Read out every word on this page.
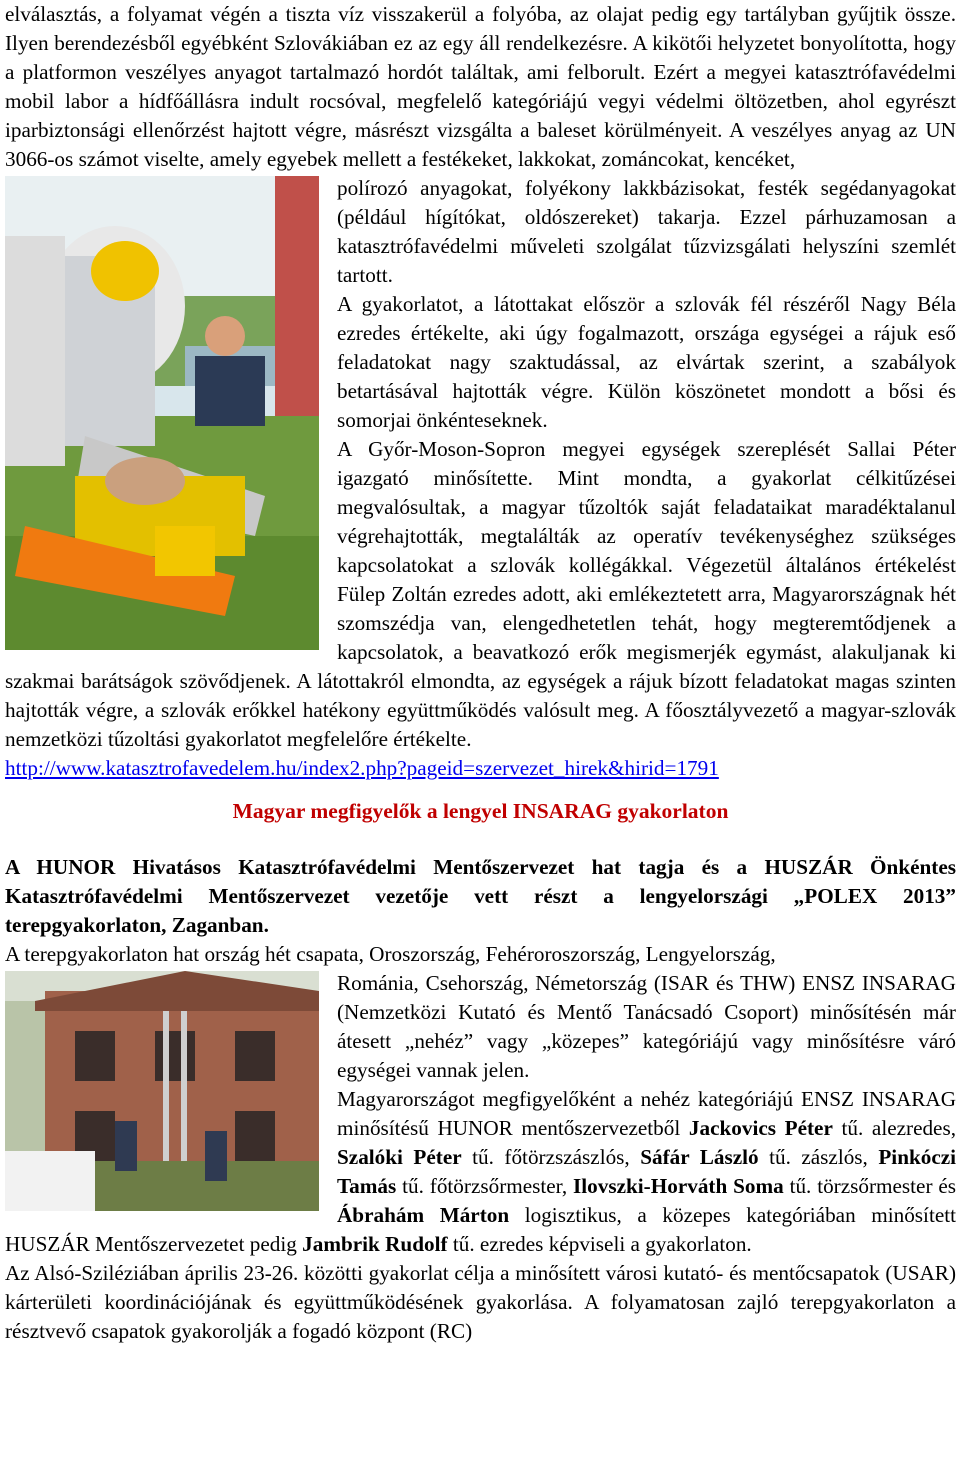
elválasztás, a folyamat végén a tiszta víz visszakerül a folyóba, az olajat pedig egy tartályban gyűjtik össze. Ilyen berendezésből egyébként Szlovákiában ez az egy áll rendelkezésre. A kikötői helyzetet bonyolította, hogy a platformon veszélyes anyagot tartalmazó hordót találtak, ami felborult. Ezért a megyei katasztrófavédelmi mobil labor a hídfőállásra indult rocsóval, megfelelő kategóriájú vegyi védelmi öltözetben, ahol egyrészt iparbiztonsági ellenőrzést hajtott végre, másrészt vizsgálta a baleset körülményeit. A veszélyes anyag az UN 3066-os számot viselte, amely egyebek mellett a festékeket, lakkokat, zománcokat, kencéket,

polírozó anyagokat, folyékony lakkbázisokat, festék segédanyagokat (például hígítókat, oldószereket) takarja. Ezzel párhuzamosan a katasztrófavédelmi műveleti szolgálat tűzvizsgálati helyszíni szemlét tartott.

A gyakorlatot, a látottakat először a szlovák fél részéről Nagy Béla ezredes értékelte, aki úgy fogalmazott, országa egységei a rájuk eső feladatokat nagy szaktudással, az elvártak szerint, a szabályok betartásával hajtották végre. Külön köszönetet mondott a bősi és somorjai önkénteseknek.

A Győr-Moson-Sopron megyei egységek szereplését Sallai Péter igazgató minősítette. Mint mondta, a gyakorlat célkitűzései megvalósultak, a magyar tűzoltók saját feladataikat maradéktalanul végrehajtották, megtalálták az operatív tevékenységhez szükséges kapcsolatokat a szlovák kollégákkal. Végezetül általános értékelést Fülep Zoltán ezredes adott, aki emlékeztetett arra, Magyarországnak hét szomszédja van, elengedhetetlen tehát, hogy megteremtődjenek a kapcsolatok, a beavatkozó erők megismerjék egymást, alakuljanak ki szakmai barátságok szövődjenek. A látottakról elmondta, az egységek a rájuk bízott feladatokat magas szinten hajtották végre, a szlovák erőkkel hatékony együttműködés valósult meg. A főosztályvezető a magyar-szlovák nemzetközi tűzoltási gyakorlatot megfelelőre értékelte.

http://www.katasztrofavedelem.hu/index2.php?pageid=szervezet_hirek&hirid=1791

Magyar megfigyelők a lengyel INSARAG gyakorlaton

A HUNOR Hivatásos Katasztrófavédelmi Mentőszervezet hat tagja és a HUSZÁR Önkéntes Katasztrófavédelmi Mentőszervezet vezetője vett részt a lengyelországi „POLEX 2013” terepgyakorlaton, Zaganban.

A terepgyakorlaton hat ország hét csapata, Oroszország, Fehéroroszország, Lengyelország,

Románia, Csehország, Németország (ISAR és THW) ENSZ INSARAG (Nemzetközi Kutató és Mentő Tanácsadó Csoport) minősítésén már átesett „nehéz” vagy „közepes” kategóriájú vagy minősítésre váró egységei vannak jelen.

Magyarországot megfigyelőként a nehéz kategóriájú ENSZ INSARAG minősítésű HUNOR mentőszervezetből Jackovics Péter tű. alezredes, Szalóki Péter tű. főtörzszászlós, Sáfár László tű. zászlós, Pinkóczi Tamás tű. főtörzsőrmester, Ilovszki-Horváth Soma tű. törzsőrmester és Ábrahám Márton logisztikus, a közepes kategóriában minősített HUSZÁR Mentőszervezetet pedig Jambrik Rudolf tű. ezredes képviseli a gyakorlaton.

Az Alsó-Sziléziában április 23-26. közötti gyakorlat célja a minősített városi kutató- és mentőcsapatok (USAR) kárterületi koordinációjának és együttműködésének gyakorlása. A folyamatosan zajló terepgyakorlaton a résztvevő csapatok gyakorolják a fogadó központ (RC)
